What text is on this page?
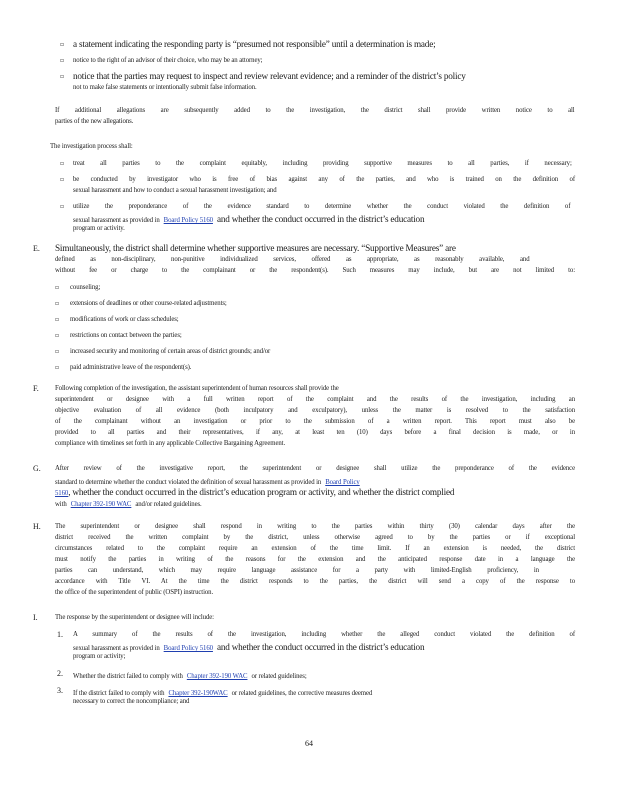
▫ a statement indicating the responding party is “presumed not responsible” until a determination is made;
▫ notice to the right of an advisor of their choice, who may be an attorney;
▫ notice that the parties may request to inspect and review relevant evidence; and a reminder of the district’s policy
not to make false statements or intentionally submit false information.
If additional allegations are subsequently added to the investigation, the district shall provide written notice to all
parties of the new allegations.
The investigation process shall:
▫ treat all parties to the complaint equitably, including providing supportive measures to all parties, if necessary;
▫ be conducted by investigator who is free of bias against any of the parties, and who is trained on the definition of
sexual harassment and how to conduct a sexual harassment investigation; and
▫ utilize the preponderance of the evidence standard to determine whether the conduct violated the definition of
sexual harassment as provided in Board Policy 5160 and whether the conduct occurred in the district’s education
program or activity.
E. Simultaneously, the district shall determine whether supportive measures are necessary. “Supportive Measures” are
defined as non-disciplinary, non-punitive individualized services, offered as appropriate, as reasonably available, and
without fee or charge to the complainant or the respondent(s). Such measures may include, but are not limited to:
▫ counseling;
▫ extensions of deadlines or other course-related adjustments;
▫ modifications of work or class schedules;
▫ restrictions on contact between the parties;
▫ increased security and monitoring of certain areas of district grounds; and/or
▫ paid administrative leave of the respondent(s).
F. Following completion of the investigation, the assistant superintendent of human resources shall provide the
superintendent or designee with a full written report of the complaint and the results of the investigation, including an
objective evaluation of all evidence (both inculpatory and exculpatory), unless the matter is resolved to the satisfaction
of the complainant without an investigation or prior to the submission of a written report. This report must also be
provided to all parties and their representatives, if any, at least ten (10) days before a final decision is made, or in
compliance with timelines set forth in any applicable Collective Bargaining Agreement.
G. After review of the investigative report, the superintendent or designee shall utilize the preponderance of the evidence
standard to determine whether the conduct violated the definition of sexual harassment as provided in Board Policy
5160, whether the conduct occurred in the district’s education program or activity, and whether the district complied
with Chapter 392-190 WAC and/or related guidelines.
H. The superintendent or designee shall respond in writing to the parties within thirty (30) calendar days after the
district received the written complaint by the district, unless otherwise agreed to by the parties or if exceptional
circumstances related to the complaint require an extension of the time limit. If an extension is needed, the district
must notify the parties in writing of the reasons for the extension and the anticipated response date in a language the
parties can understand, which may require language assistance for a party with limited-English proficiency, in
accordance with Title VI. At the time the district responds to the parties, the district will send a copy of the response to
the office of the superintendent of public (OSPI) instruction.
I.	The response by the superintendent or designee will include:
1. A summary of the results of the investigation, including whether the alleged conduct violated the definition of
sexual harassment as provided in Board Policy 5160 and whether the conduct occurred in the district’s education
program or activity;
2. Whether the district failed to comply with Chapter 392-190 WAC or related guidelines;
3. If the district failed to comply with Chapter 392-190WAC or related guidelines, the corrective measures deemed
necessary to correct the noncompliance; and
64
